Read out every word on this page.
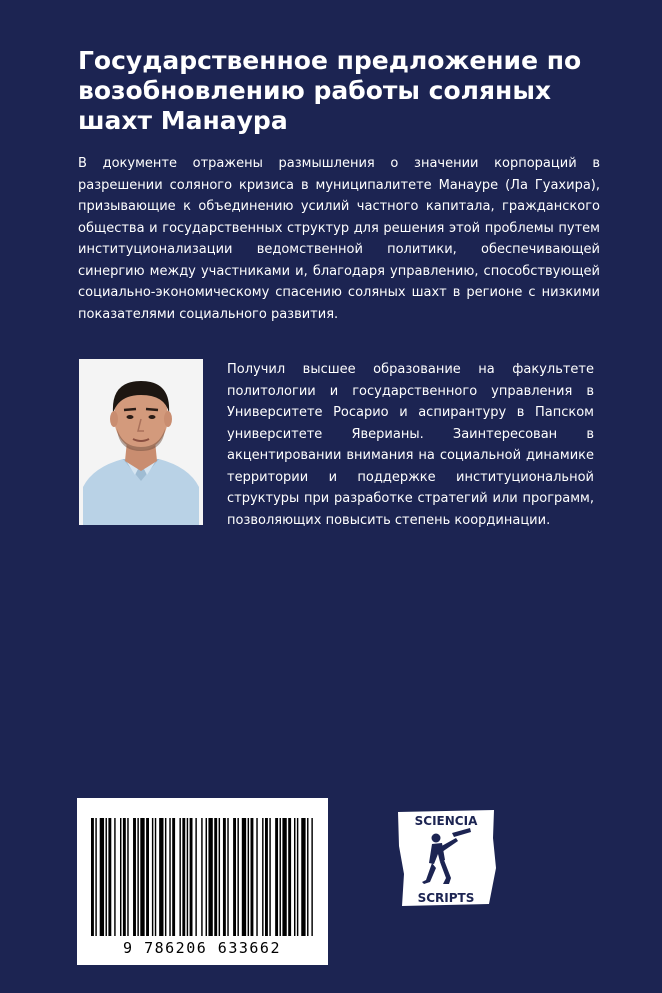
Государственное предложение по возобновлению работы соляных шахт Манаура

В документе отражены размышления о значении корпораций в разрешении соляного кризиса в муниципалитете Манауре (Ла Гуахира), призывающие к объединению усилий частного капитала, гражданского общества и государственных структур для решения этой проблемы путем институционализации ведомственной политики, обеспечивающей синергию между участниками и, благодаря управлению, способствующей социально-экономическому спасению соляных шахт в регионе с низкими показателями социального развития.

Получил высшее образование на факультете политологии и государственного управления в Университете Росарио и аспирантуру в Папском университете Яверианы. Заинтересован в акцентировании внимания на социальной динамике территории и поддержке институциональной структуры при разработке стратегий или программ, позволяющих повысить степень координации.

9 786206 633662
SCIENCIA
SCRIPTS
